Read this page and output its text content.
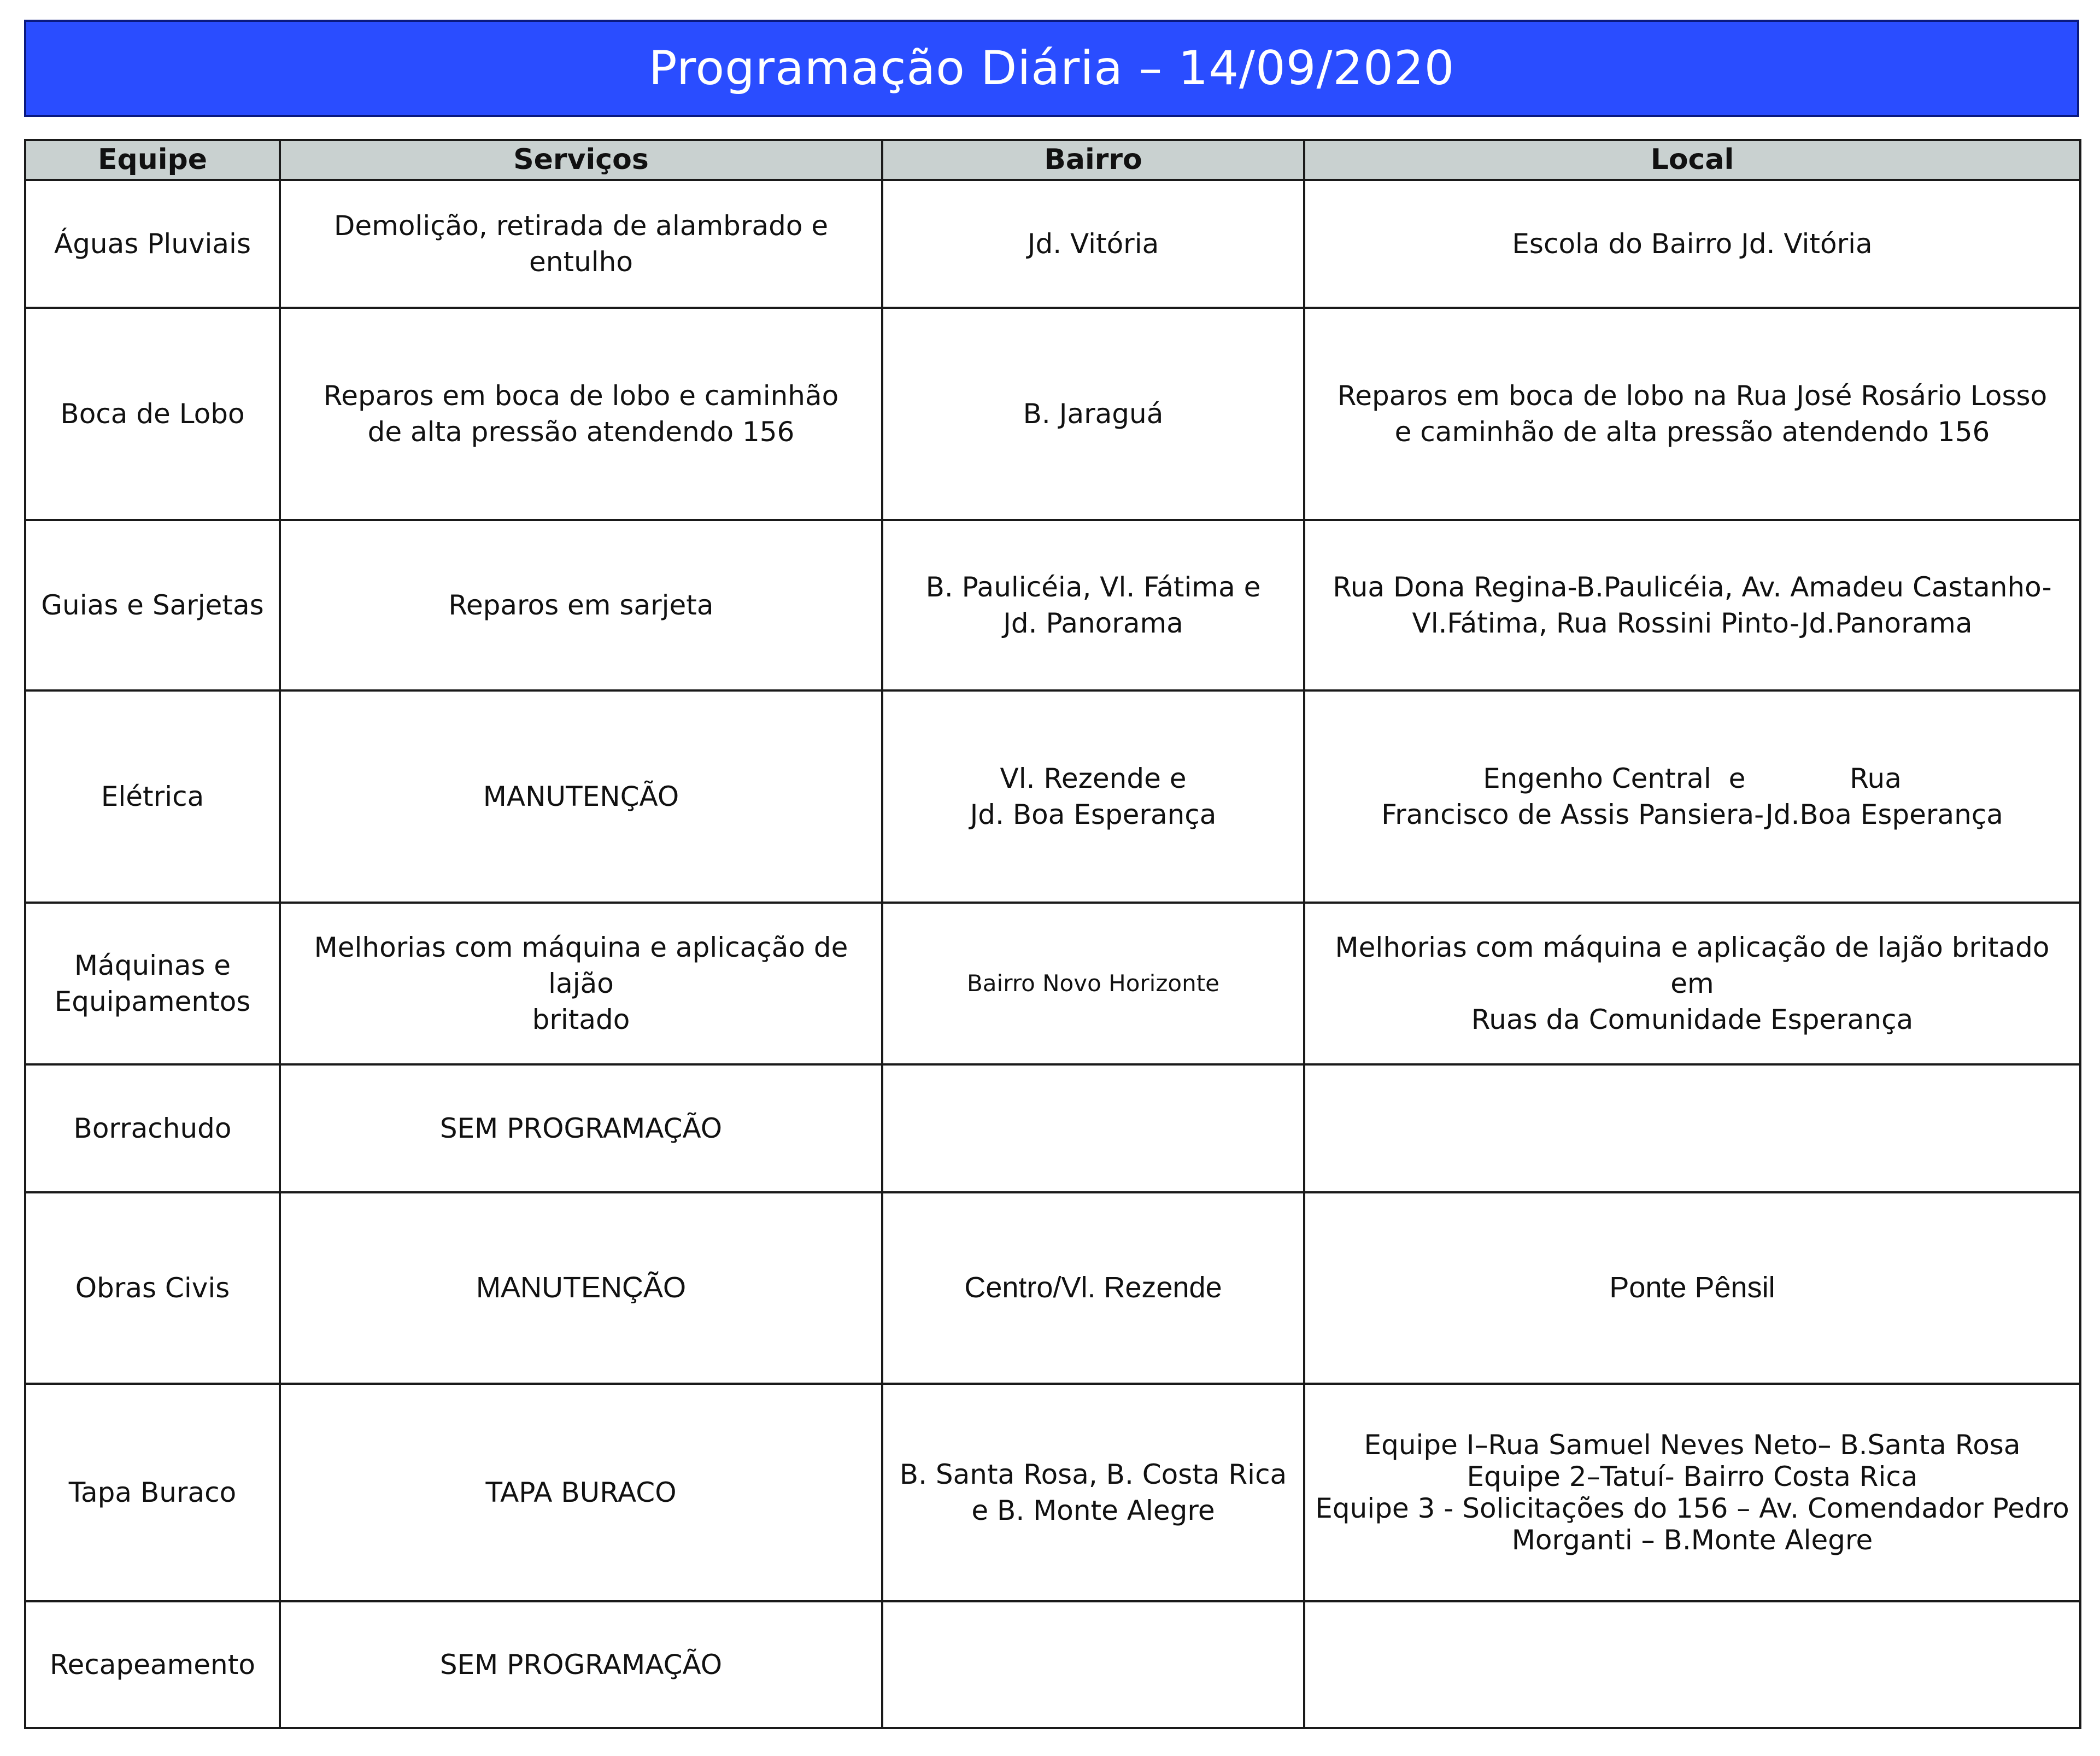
Programação Diária – 14/09/2020
Equipe	Serviços	Bairro	Local

Águas Pluviais	Demolição, retirada de alambrado e entulho	Jd. Vitória	Escola do Bairro Jd. Vitória

Boca de Lobo	Reparos em boca de lobo e caminhão
de alta pressão atendendo 156	B. Jaraguá	Reparos em boca de lobo na Rua José Rosário Losso
e caminhão de alta pressão atendendo 156

Guias e Sarjetas	Reparos em sarjeta	B. Paulicéia, Vl. Fátima e
Jd. Panorama	Rua Dona Regina-B.Paulicéia, Av. Amadeu Castanho-
Vl.Fátima, Rua Rossini Pinto-Jd.Panorama

Elétrica	MANUTENÇÃO	Vl. Rezende e
Jd. Boa Esperança	Engenho Central  e            Rua
Francisco de Assis Pansiera-Jd.Boa Esperança

Máquinas e
Equipamentos	Melhorias com máquina e aplicação de lajão
britado	Bairro Novo Horizonte	Melhorias com máquina e aplicação de lajão britado em
Ruas da Comunidade Esperança

Borrachudo	SEM PROGRAMAÇÃO		

Obras Civis	MANUTENÇÃO	Centro/Vl. Rezende	Ponte Pênsil

Tapa Buraco	TAPA BURACO	B. Santa Rosa, B. Costa Rica
e B. Monte Alegre	Equipe I–Rua Samuel Neves Neto– B.Santa Rosa
Equipe 2–Tatuí- Bairro Costa Rica
Equipe 3 - Solicitações do 156 – Av. Comendador Pedro
Morganti – B.Monte Alegre

Recapeamento	SEM PROGRAMAÇÃO		
